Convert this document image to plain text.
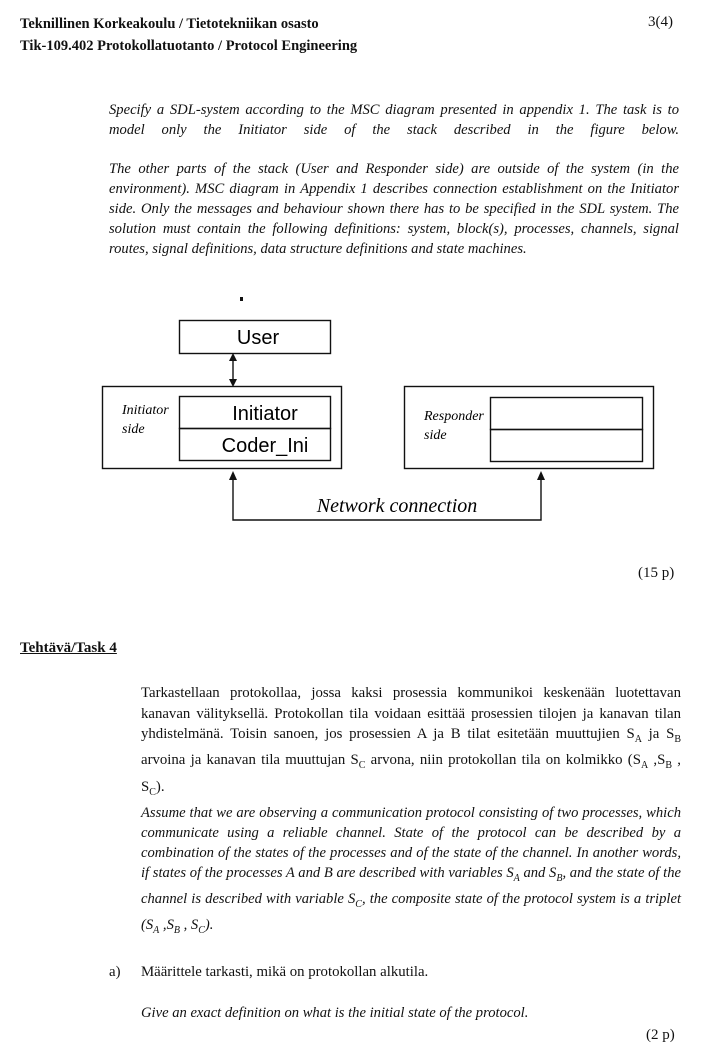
Teknillinen Korkeakoulu / Tietotekniikan osasto
Tik-109.402 Protokollatuotanto / Protocol Engineering
3(4)
Specify a SDL-system according to the MSC diagram presented in appendix 1. The task is to model only the Initiator side of the stack described in the figure below.
The other parts of the stack (User and Responder side) are outside of the system (in the environment). MSC diagram in Appendix 1 describes connection establishment on the Initiator side. Only the messages and behaviour shown there has to be specified in the SDL system. The solution must contain the following definitions: system, block(s), processes, channels, signal routes, signal definitions, data structure definitions and state machines.
User
Initiator
side
Initiator
Coder_Ini
Responder
side
Network connection
(15 p)
Tehtävä/Task 4
Tarkastellaan protokollaa, jossa kaksi prosessia kommunikoi keskenään luotettavan kanavan välityksellä. Protokollan tila voidaan esittää prosessien tilojen ja kanavan tilan yhdistelmänä. Toisin sanoen, jos prosessien A ja B tilat esitetään muuttujien $S_A$ ja $S_B$ arvoina ja kanavan tila muuttujan $S_C$ arvona, niin protokollan tila on kolmikko ($S_A$ $,S_B$ , $S_C$).
Assume that we are observing a communication protocol consisting of two processes, which communicate using a reliable channel. State of the protocol can be described by a combination of the states of the processes and of the state of the channel. In another words, if states of the processes A and B are described with variables $S_A$ and $S_B$, and the state of the channel is described with variable $S_C$, the composite state of the protocol system is a triplet ($S_A$ $,S_B$ , $S_C$).
a) Määrittele tarkasti, mikä on protokollan alkutila.
Give an exact definition on what is the initial state of the protocol.
(2 p)
